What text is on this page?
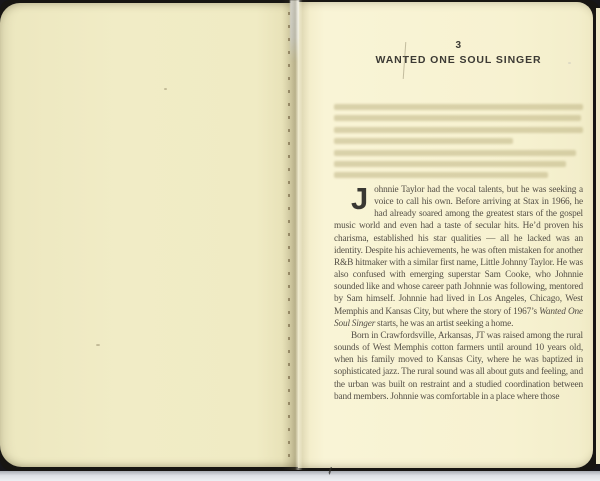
3
WANTED ONE SOUL SINGER

Johnnie Taylor had the vocal talents, but he was seeking a voice to call his own. Before arriving at Stax in 1966, he had already soared among the greatest stars of the gospel music world and even had a taste of secular hits. He’d proven his charisma, established his star qualities — all he lacked was an identity. Despite his achievements, he was often mistaken for another R&B hitmaker with a similar first name, Little Johnny Taylor. He was also confused with emerging superstar Sam Cooke, who Johnnie sounded like and whose career path Johnnie was following, mentored by Sam himself. Johnnie had lived in Los Angeles, Chicago, West Memphis and Kansas City, but where the story of 1967’s Wanted One Soul Singer starts, he was an artist seeking a home.

Born in Crawfordsville, Arkansas, JT was raised among the rural sounds of West Memphis cotton farmers until around 10 years old, when his family moved to Kansas City, where he was baptized in sophisticated jazz. The rural sound was all about guts and feeling, and the urban was built on restraint and a studied coordination between band members. Johnnie was comfortable in a place where those
